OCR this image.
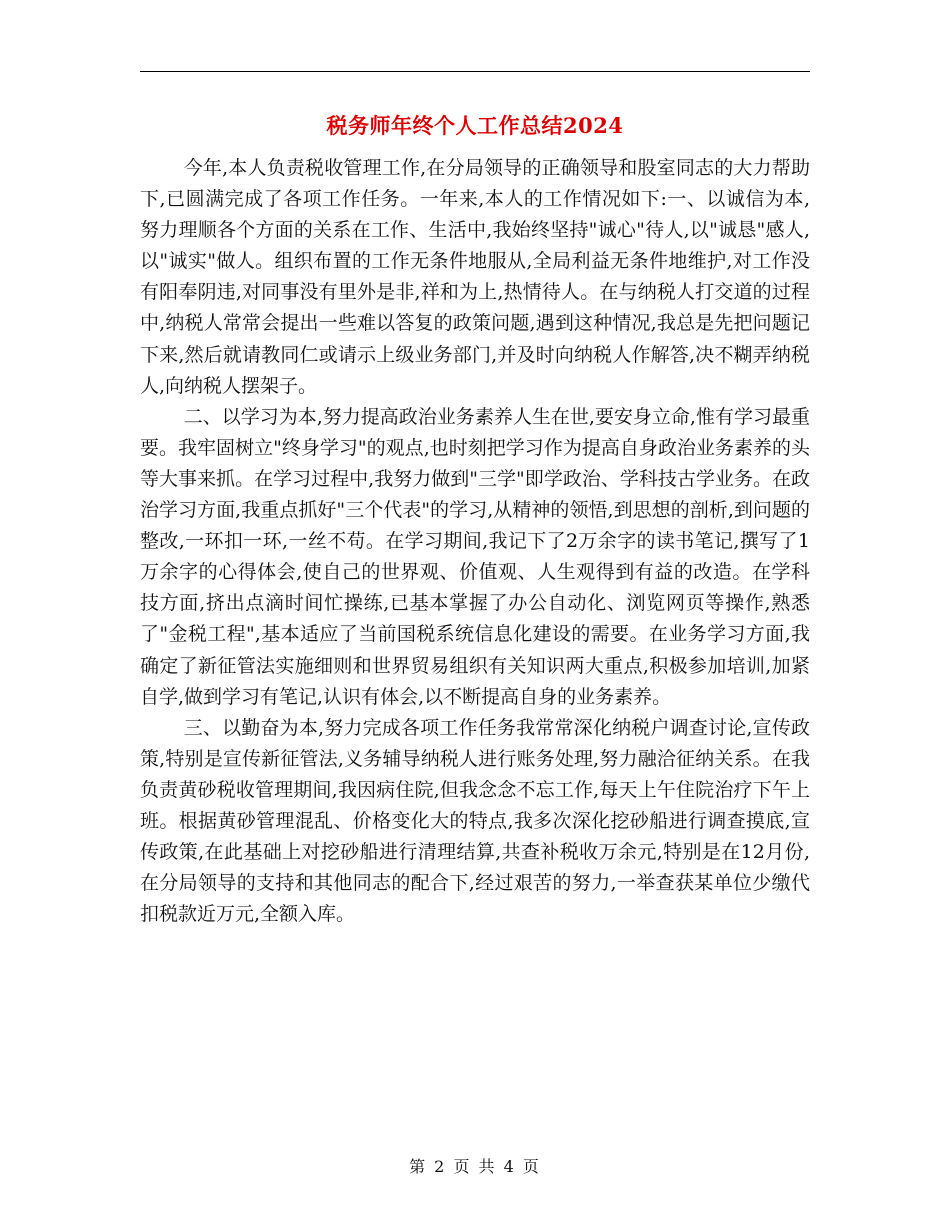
税务师年终个人工作总结2024

今年,本人负责税收管理工作,在分局领导的正确领导和股室同志的大力帮助下,已圆满完成了各项工作任务。一年来,本人的工作情况如下:一、以诚信为本,努力理顺各个方面的关系在工作、生活中,我始终坚持"诚心"待人,以"诚恳"感人,以"诚实"做人。组织布置的工作无条件地服从,全局利益无条件地维护,对工作没有阳奉阴违,对同事没有里外是非,祥和为上,热情待人。在与纳税人打交道的过程中,纳税人常常会提出一些难以答复的政策问题,遇到这种情况,我总是先把问题记下来,然后就请教同仁或请示上级业务部门,并及时向纳税人作解答,决不糊弄纳税人,向纳税人摆架子。

二、以学习为本,努力提高政治业务素养人生在世,要安身立命,惟有学习最重要。我牢固树立"终身学习"的观点,也时刻把学习作为提高自身政治业务素养的头等大事来抓。在学习过程中,我努力做到"三学"即学政治、学科技古学业务。在政治学习方面,我重点抓好"三个代表"的学习,从精神的领悟,到思想的剖析,到问题的整改,一环扣一环,一丝不苟。在学习期间,我记下了2万余字的读书笔记,撰写了1万余字的心得体会,使自己的世界观、价值观、人生观得到有益的改造。在学科技方面,挤出点滴时间忙操练,已基本掌握了办公自动化、浏览网页等操作,熟悉了"金税工程",基本适应了当前国税系统信息化建设的需要。在业务学习方面,我确定了新征管法实施细则和世界贸易组织有关知识两大重点,积极参加培训,加紧自学,做到学习有笔记,认识有体会,以不断提高自身的业务素养。

三、以勤奋为本,努力完成各项工作任务我常常深化纳税户调查讨论,宣传政策,特别是宣传新征管法,义务辅导纳税人进行账务处理,努力融洽征纳关系。在我负责黄砂税收管理期间,我因病住院,但我念念不忘工作,每天上午住院治疗下午上班。根据黄砂管理混乱、价格变化大的特点,我多次深化挖砂船进行调查摸底,宣传政策,在此基础上对挖砂船进行清理结算,共查补税收万余元,特别是在12月份,在分局领导的支持和其他同志的配合下,经过艰苦的努力,一举查获某单位少缴代扣税款近万元,全额入库。

第 2 页 共 4 页
